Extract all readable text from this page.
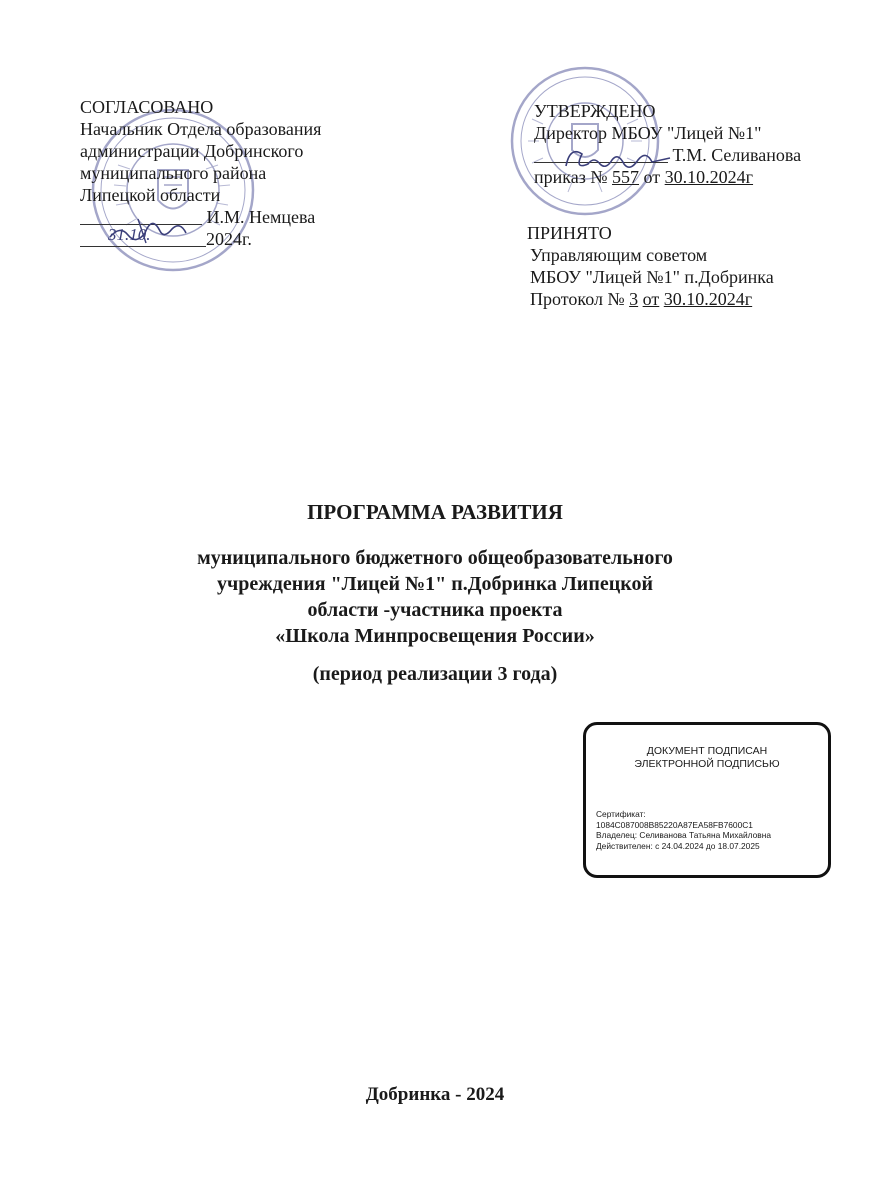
СОГЛАСОВАНО
Начальник Отдела образования
администрации Добринского
муниципального района
Липецкой области
И.М. Немцева
31.10.	2024г.
УТВЕРЖДЕНО
Директор МБОУ "Лицей №1"
Т.М. Селиванова
приказ № 557 от 30.10.2024г
ПРИНЯТО
Управляющим советом
МБОУ "Лицей №1" п.Добринка
Протокол № 3 от 30.10.2024г
ПРОГРАММА РАЗВИТИЯ
муниципального бюджетного общеобразовательного
учреждения "Лицей №1" п.Добринка Липецкой
области -участника проекта
«Школа Минпросвещения России»
(период реализации 3 года)
ДОКУМЕНТ ПОДПИСАН
ЭЛЕКТРОННОЙ ПОДПИСЬЮ
Сертификат:
1084C087008B85220A87EA58FB7600C1
Владелец: Селиванова Татьяна Михайловна
Действителен: с 24.04.2024 до 18.07.2025
Добринка - 2024
